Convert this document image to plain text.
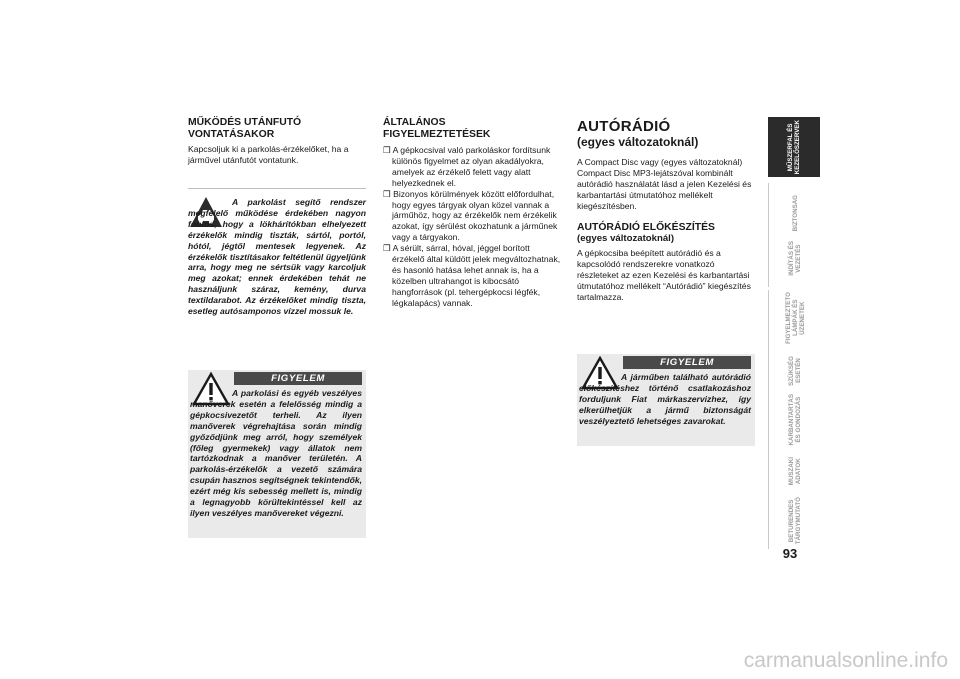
MŰKÖDÉS UTÁNFUTÓ VONTATÁSAKOR

Kapcsoljuk ki a parkolás-érzékelőket, ha a járművel utánfutót vontatunk.

A parkolást segítő rendszer megfelelő működése érdekében nagyon fontos, hogy a lökhárítókban elhelyezett érzékelők mindig tiszták, sártól, portól, hótól, jégtől mentesek legyenek. Az érzékelők tisztításakor feltétlenül ügyeljünk arra, hogy meg ne sértsük vagy karcoljuk meg azokat; ennek érdekében tehát ne használjunk száraz, kemény, durva textildarabot. Az érzékelőket mindig tiszta, esetleg autósamponos vízzel mossuk le.

FIGYELEM

A parkolási és egyéb veszélyes manőverek esetén a felelősség mindig a gépkocsivezetőt terheli. Az ilyen manőverek végrehajtása során mindig győződjünk meg arról, hogy személyek (főleg gyermekek) vagy állatok nem tartózkodnak a manőver területén. A parkolás-érzékelők a vezető számára csupán hasznos segítségnek tekintendők, ezért még kis sebesség mellett is, mindig a legnagyobb körültekintéssel kell az ilyen veszélyes manővereket végezni.

ÁLTALÁNOS FIGYELMEZTETÉSEK

❒ A gépkocsival való parkoláskor fordítsunk különös figyelmet az olyan akadályokra, amelyek az érzékelő felett vagy alatt helyezkednek el.

❒ Bizonyos körülmények között előfordulhat, hogy egyes tárgyak olyan közel vannak a járműhöz, hogy az érzékelők nem érzékelik azokat, így sérülést okozhatunk a járműnek vagy a tárgyakon.

❒ A sérült, sárral, hóval, jéggel borított érzékelő által küldött jelek megváltozhatnak, és hasonló hatása lehet annak is, ha a közelben ultrahangot is kibocsátó hangforrások (pl. tehergépkocsi légfék, légkalapács) vannak.

AUTÓRÁDIÓ

(egyes változatoknál)

A Compact Disc vagy (egyes változatoknál) Compact Disc MP3-lejátszóval kombinált autórádió használatát lásd a jelen Kezelési és karbantartási útmutatóhoz mellékelt kiegészítésben.

AUTÓRÁDIÓ ELŐKÉSZÍTÉS

(egyes változatoknál)

A gépkocsiba beépített autórádió és a kapcsolódó rendszerekre vonatkozó részleteket az ezen Kezelési és karbantartási útmutatóhoz mellékelt “Autórádió” kiegészítés tartalmazza.

FIGYELEM

A járműben található autórádió előkészítéshez történő csatlakozáshoz forduljunk Fiat márkaszervizhez, így elkerülhetjük a jármű biztonságát veszélyeztető lehetséges zavarokat.

MŰSZERFAL ÉS
KEZELŐSZERVEK
BIZTONSÁG
INDÍTÁS ÉS
VEZETÉS
FIGYELMEZTETŐ
LÁMPÁK ÉS
ÜZENETEK
SZÜKSÉG
ESETÉN
KARBANTARTÁS
ÉS GONDOZÁS
MŰSZAKI
ADATOK
BETŰRENDES
TÁRGYMUTATÓ
93
carmanualsonline.info
